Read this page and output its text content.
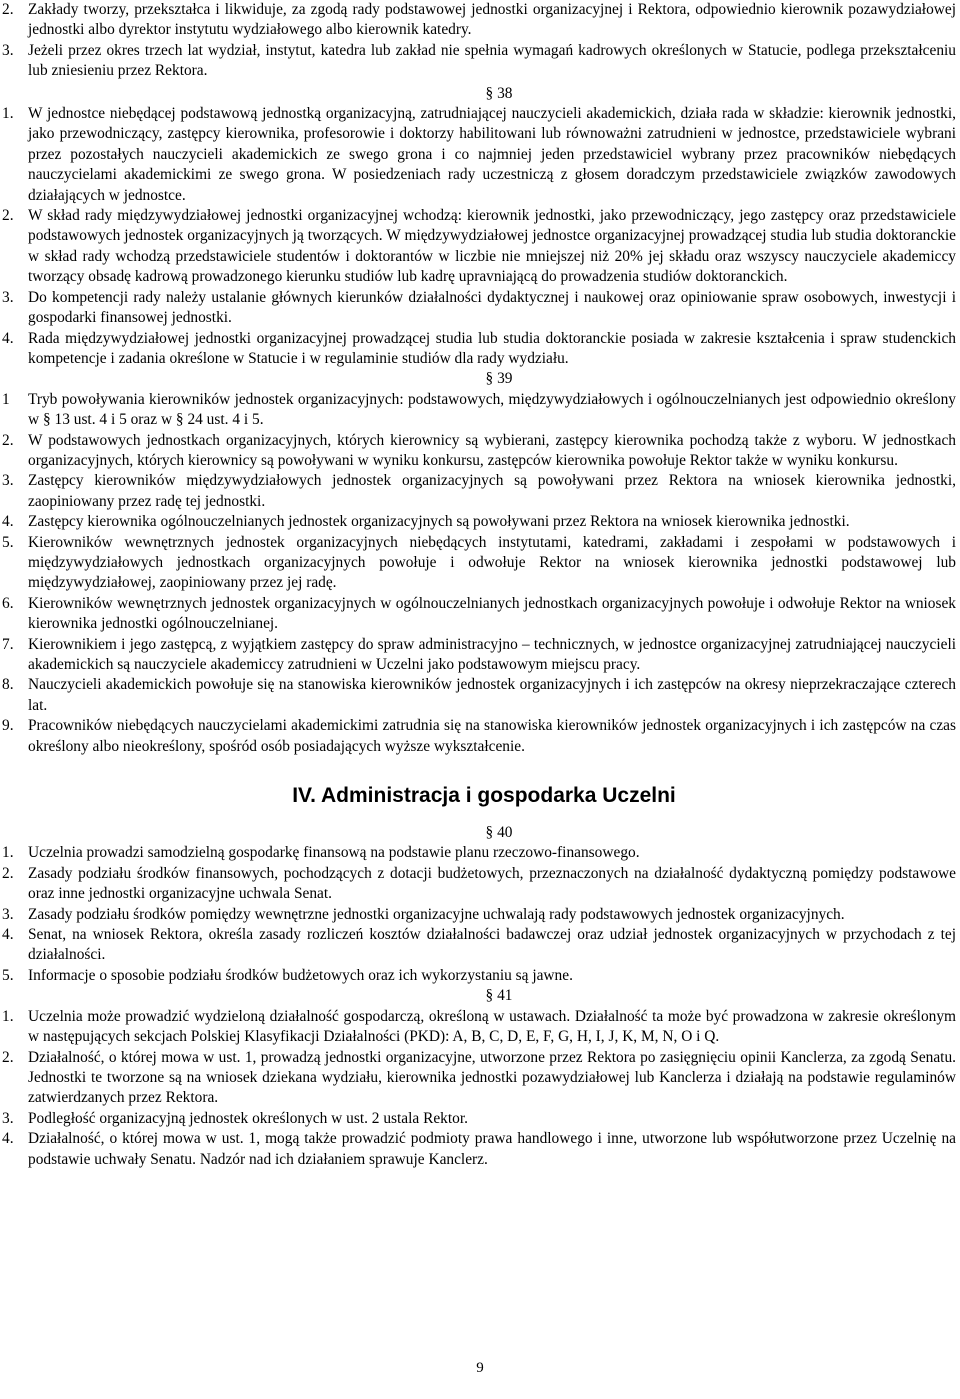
2. Zakłady tworzy, przekształca i likwiduje, za zgodą rady podstawowej jednostki organizacyjnej i Rektora, odpowiednio kierownik pozawydziałowej jednostki albo dyrektor instytutu wydziałowego albo kierownik katedry.
3. Jeżeli przez okres trzech lat wydział, instytut, katedra lub zakład nie spełnia wymagań kadrowych określonych w Statucie, podlega przekształceniu lub zniesieniu przez Rektora.
§ 38
1. W jednostce niebędącej podstawową jednostką organizacyjną, zatrudniającej nauczycieli akademickich, działa rada w składzie: kierownik jednostki, jako przewodniczący, zastępcy kierownika, profesorowie i doktorzy habilitowani lub równoważni zatrudnieni w jednostce, przedstawiciele wybrani przez pozostałych nauczycieli akademickich ze swego grona i co najmniej jeden przedstawiciel wybrany przez pracowników niebędących nauczycielami akademickimi ze swego grona. W posiedzeniach rady uczestniczą z głosem doradczym przedstawiciele związków zawodowych działających w jednostce.
2. W skład rady międzywydziałowej jednostki organizacyjnej wchodzą: kierownik jednostki, jako przewodniczący, jego zastępcy oraz przedstawiciele podstawowych jednostek organizacyjnych ją tworzących. W międzywydziałowej jednostce organizacyjnej prowadzącej studia lub studia doktoranckie w skład rady wchodzą przedstawiciele studentów i doktorantów w liczbie nie mniejszej niż 20% jej składu oraz wszyscy nauczyciele akademiccy tworzący obsadę kadrową prowadzonego kierunku studiów lub kadrę upravniającą do prowadzenia studiów doktoranckich.
3. Do kompetencji rady należy ustalanie głównych kierunków działalności dydaktycznej i naukowej oraz opiniowanie spraw osobowych, inwestycji i gospodarki finansowej jednostki.
4. Rada międzywydziałowej jednostki organizacyjnej prowadzącej studia lub studia doktoranckie posiada w zakresie kształcenia i spraw studenckich kompetencje i zadania określone w Statucie i w regulaminie studiów dla rady wydziału.
§ 39
1	Tryb powoływania kierowników jednostek organizacyjnych: podstawowych, międzywydziałowych i ogólnouczelnianych jest odpowiednio określony w § 13 ust. 4 i 5 oraz w § 24 ust. 4 i 5.
2. W podstawowych jednostkach organizacyjnych, których kierownicy są wybierani, zastępcy kierownika pochodzą także z wyboru. W jednostkach organizacyjnych, których kierownicy są powoływani w wyniku konkursu, zastępców kierownika powołuje Rektor także w wyniku konkursu.
3. Zastępcy kierowników międzywydziałowych jednostek organizacyjnych są powoływani przez Rektora na wniosek kierownika jednostki, zaopiniowany przez radę tej jednostki.
4. Zastępcy kierownika ogólnouczelnianych jednostek organizacyjnych są powoływani przez Rektora na wniosek kierownika jednostki.
5. Kierowników wewnętrznych jednostek organizacyjnych niebędących instytutami, katedrami, zakładami i zespołami w podstawowych i międzywydziałowych jednostkach organizacyjnych powołuje i odwołuje Rektor na wniosek kierownika jednostki podstawowej lub międzywydziałowej, zaopiniowany przez jej radę.
6. Kierowników wewnętrznych jednostek organizacyjnych w ogólnouczelnianych jednostkach organizacyjnych powołuje i odwołuje Rektor na wniosek kierownika jednostki ogólnouczelnianej.
7. Kierownikiem i jego zastępcą, z wyjątkiem zastępcy do spraw administracyjno – technicznych, w jednostce organizacyjnej zatrudniającej nauczycieli akademickich są nauczyciele akademiccy zatrudnieni w Uczelni jako podstawowym miejscu pracy.
8. Nauczycieli akademickich powołuje się na stanowiska kierowników jednostek organizacyjnych i ich zastępców na okresy nieprzekraczające czterech lat.
9. Pracowników niebędących nauczycielami akademickimi zatrudnia się na stanowiska kierowników jednostek organizacyjnych i ich zastępców na czas określony albo nieokreślony, spośród osób posiadających wyższe wykształcenie.
IV. Administracja i gospodarka Uczelni
§ 40
1. Uczelnia prowadzi samodzielną gospodarkę finansową na podstawie planu rzeczowo-finansowego.
2. Zasady podziału środków finansowych, pochodzących z dotacji budżetowych, przeznaczonych na działalność dydaktyczną pomiędzy podstawowe oraz inne jednostki organizacyjne uchwala Senat.
3. Zasady podziału środków pomiędzy wewnętrzne jednostki organizacyjne uchwalają rady podstawowych jednostek organizacyjnych.
4. Senat, na wniosek Rektora, określa zasady rozliczeń kosztów działalności badawczej oraz udział jednostek organizacyjnych w przychodach z tej działalności.
5. Informacje o sposobie podziału środków budżetowych oraz ich wykorzystaniu są jawne.
§ 41
1. Uczelnia może prowadzić wydzieloną działalność gospodarczą, określoną w ustawach. Działalność ta może być prowadzona w zakresie określonym w następujących sekcjach Polskiej Klasyfikacji Działalności (PKD): A, B, C, D, E, F, G, H, I, J, K, M, N, O i Q.
2. Działalność, o której mowa w ust. 1, prowadzą jednostki organizacyjne, utworzone przez Rektora po zasięgnięciu opinii Kanclerza, za zgodą Senatu. Jednostki te tworzone są na wniosek dziekana wydziału, kierownika jednostki pozawydziałowej lub Kanclerza i działają na podstawie regulaminów zatwierdzanych przez Rektora.
3. Podległość organizacyjną jednostek określonych w ust. 2 ustala Rektor.
4. Działalność, o której mowa w ust. 1, mogą także prowadzić podmioty prawa handlowego i inne, utworzone lub współutworzone przez Uczelnię na podstawie uchwały Senatu. Nadzór nad ich działaniem sprawuje Kanclerz.
9
